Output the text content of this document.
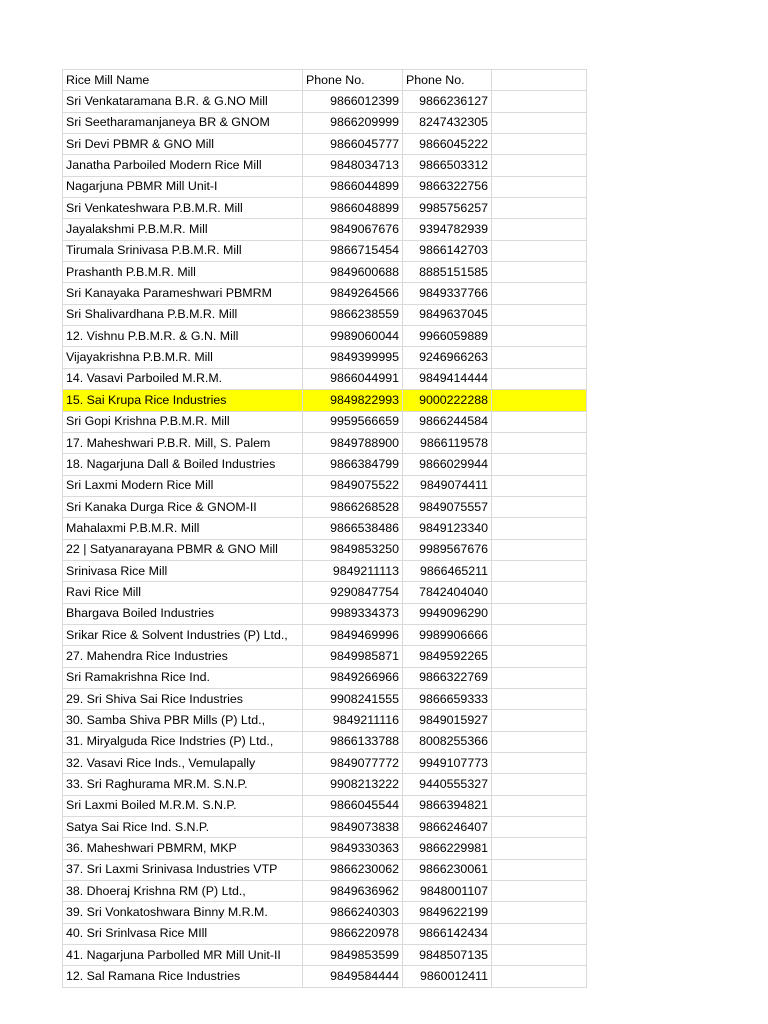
Rice Mill Name	Phone No.	Phone No.	
Sri Venkataramana B.R. & G.NO Mill	9866012399	9866236127	
Sri Seetharamanjaneya BR & GNOM	9866209999	8247432305	
Sri Devi PBMR & GNO Mill	9866045777	9866045222	
Janatha Parboiled Modern Rice Mill	9848034713	9866503312	
Nagarjuna PBMR Mill Unit-I	9866044899	9866322756	
Sri Venkateshwara P.B.M.R. Mill	9866048899	9985756257	
Jayalakshmi P.B.M.R. Mill	9849067676	9394782939	
Tirumala Srinivasa P.B.M.R. Mill	9866715454	9866142703	
Prashanth P.B.M.R. Mill	9849600688	8885151585	
Sri Kanayaka Parameshwari PBMRM	9849264566	9849337766	
Sri Shalivardhana P.B.M.R. Mill	9866238559	9849637045	
12. Vishnu P.B.M.R. & G.N. Mill	9989060044	9966059889	
Vijayakrishna P.B.M.R. Mill	9849399995	9246966263	
14. Vasavi Parboiled M.R.M.	9866044991	9849414444	
15. Sai Krupa Rice Industries	9849822993	9000222288	
Sri Gopi Krishna P.B.M.R. Mill	9959566659	9866244584	
17. Maheshwari P.B.R. Mill, S. Palem	9849788900	9866119578	
18. Nagarjuna Dall & Boiled Industries	9866384799	9866029944	
Sri Laxmi Modern Rice Mill	9849075522	9849074411	
Sri Kanaka Durga Rice & GNOM-II	9866268528	9849075557	
Mahalaxmi P.B.M.R. Mill	9866538486	9849123340	
22 | Satyanarayana PBMR & GNO Mill	9849853250	9989567676	
Srinivasa Rice Mill	9849211113	9866465211	
Ravi Rice Mill	9290847754	7842404040	
Bhargava Boiled Industries	9989334373	9949096290	
Srikar Rice & Solvent Industries (P) Ltd.,	9849469996	9989906666	
27. Mahendra Rice Industries	9849985871	9849592265	
Sri Ramakrishna Rice Ind.	9849266966	9866322769	
29. Sri Shiva Sai Rice Industries	9908241555	9866659333	
30. Samba Shiva PBR Mills (P) Ltd.,	9849211116	9849015927	
31. Miryalguda Rice Indstries (P) Ltd.,	9866133788	8008255366	
32. Vasavi Rice Inds., Vemulapally	9849077772	9949107773	
33. Sri Raghurama MR.M. S.N.P.	9908213222	9440555327	
Sri Laxmi Boiled M.R.M. S.N.P.	9866045544	9866394821	
Satya Sai Rice Ind. S.N.P.	9849073838	9866246407	
36. Maheshwari PBMRM, MKP	9849330363	9866229981	
37. Sri Laxmi Srinivasa Industries VTP	9866230062	9866230061	
38. Dhoeraj Krishna RM (P) Ltd.,	9849636962	9848001107	
39. Sri Vonkatoshwara Binny M.R.M.	9866240303	9849622199	
40. Sri Srinlvasa Rice MIll	9866220978	9866142434	
41. Nagarjuna Parbolled MR Mill Unit-II	9849853599	9848507135	
12. Sal Ramana Rice Industries	9849584444	9860012411	
